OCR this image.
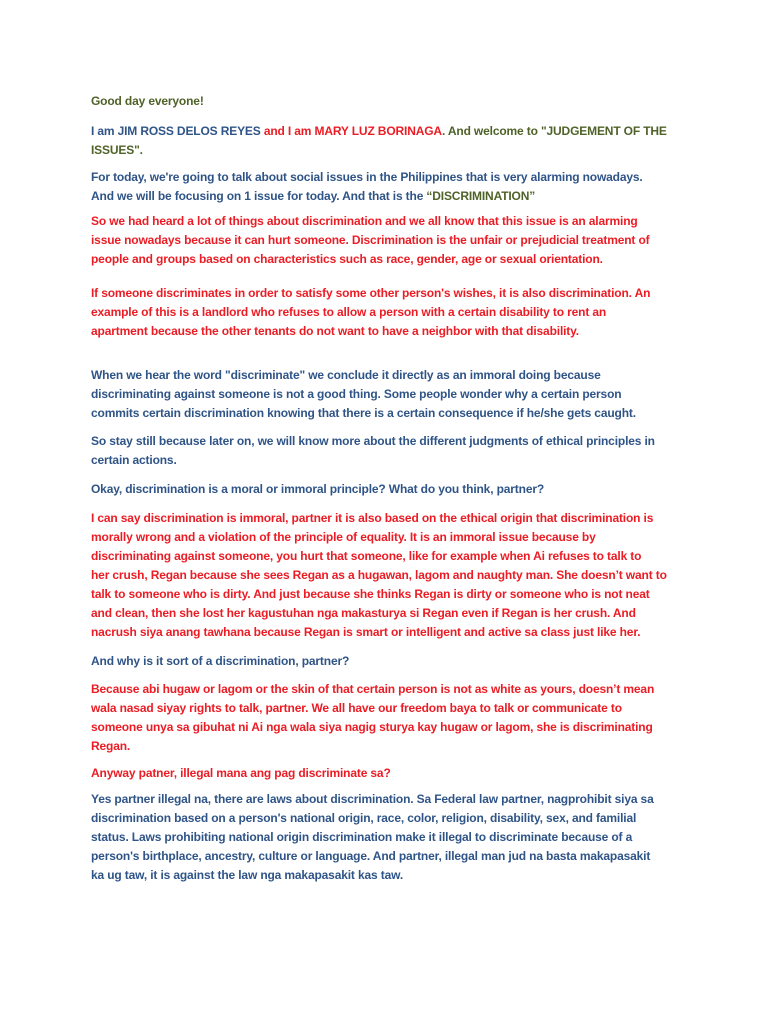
Good day everyone!
I am JIM ROSS DELOS REYES and I am MARY LUZ BORINAGA. And welcome to "JUDGEMENT OF THE
ISSUES".
For today, we're going to talk about social issues in the Philippines that is very alarming nowadays.
And we will be focusing on 1 issue for today. And that is the “DISCRIMINATION”
So we had heard a lot of things about discrimination and we all know that this issue is an alarming
issue nowadays because it can hurt someone. Discrimination is the unfair or prejudicial treatment of
people and groups based on characteristics such as race, gender, age or sexual orientation.
If someone discriminates in order to satisfy some other person's wishes, it is also discrimination. An
example of this is a landlord who refuses to allow a person with a certain disability to rent an
apartment because the other tenants do not want to have a neighbor with that disability.
When we hear the word "discriminate" we conclude it directly as an immoral doing because
discriminating against someone is not a good thing. Some people wonder why a certain person
commits certain discrimination knowing that there is a certain consequence if he/she gets caught.
So stay still because later on, we will know more about the different judgments of ethical principles in
certain actions.
Okay, discrimination is a moral or immoral principle? What do you think, partner?
I can say discrimination is immoral, partner it is also based on the ethical origin that discrimination is
morally wrong and a violation of the principle of equality. It is an immoral issue because by
discriminating against someone, you hurt that someone, like for example when Ai refuses to talk to
her crush, Regan because she sees Regan as a hugawan, lagom and naughty man. She doesn’t want to
talk to someone who is dirty. And just because she thinks Regan is dirty or someone who is not neat
and clean, then she lost her kagustuhan nga makasturya si Regan even if Regan is her crush. And
nacrush siya anang tawhana because Regan is smart or intelligent and active sa class just like her.
And why is it sort of a discrimination, partner?
Because abi hugaw or lagom or the skin of that certain person is not as white as yours, doesn’t mean
wala nasad siyay rights to talk, partner. We all have our freedom baya to talk or communicate to
someone unya sa gibuhat ni Ai nga wala siya nagig sturya kay hugaw or lagom, she is discriminating
Regan.
Anyway patner, illegal mana ang pag discriminate sa?
Yes partner illegal na, there are laws about discrimination. Sa Federal law partner, nagprohibit siya sa
discrimination based on a person's national origin, race, color, religion, disability, sex, and familial
status. Laws prohibiting national origin discrimination make it illegal to discriminate because of a
person's birthplace, ancestry, culture or language. And partner, illegal man jud na basta makapasakit
ka ug taw, it is against the law nga makapasakit kas taw.
